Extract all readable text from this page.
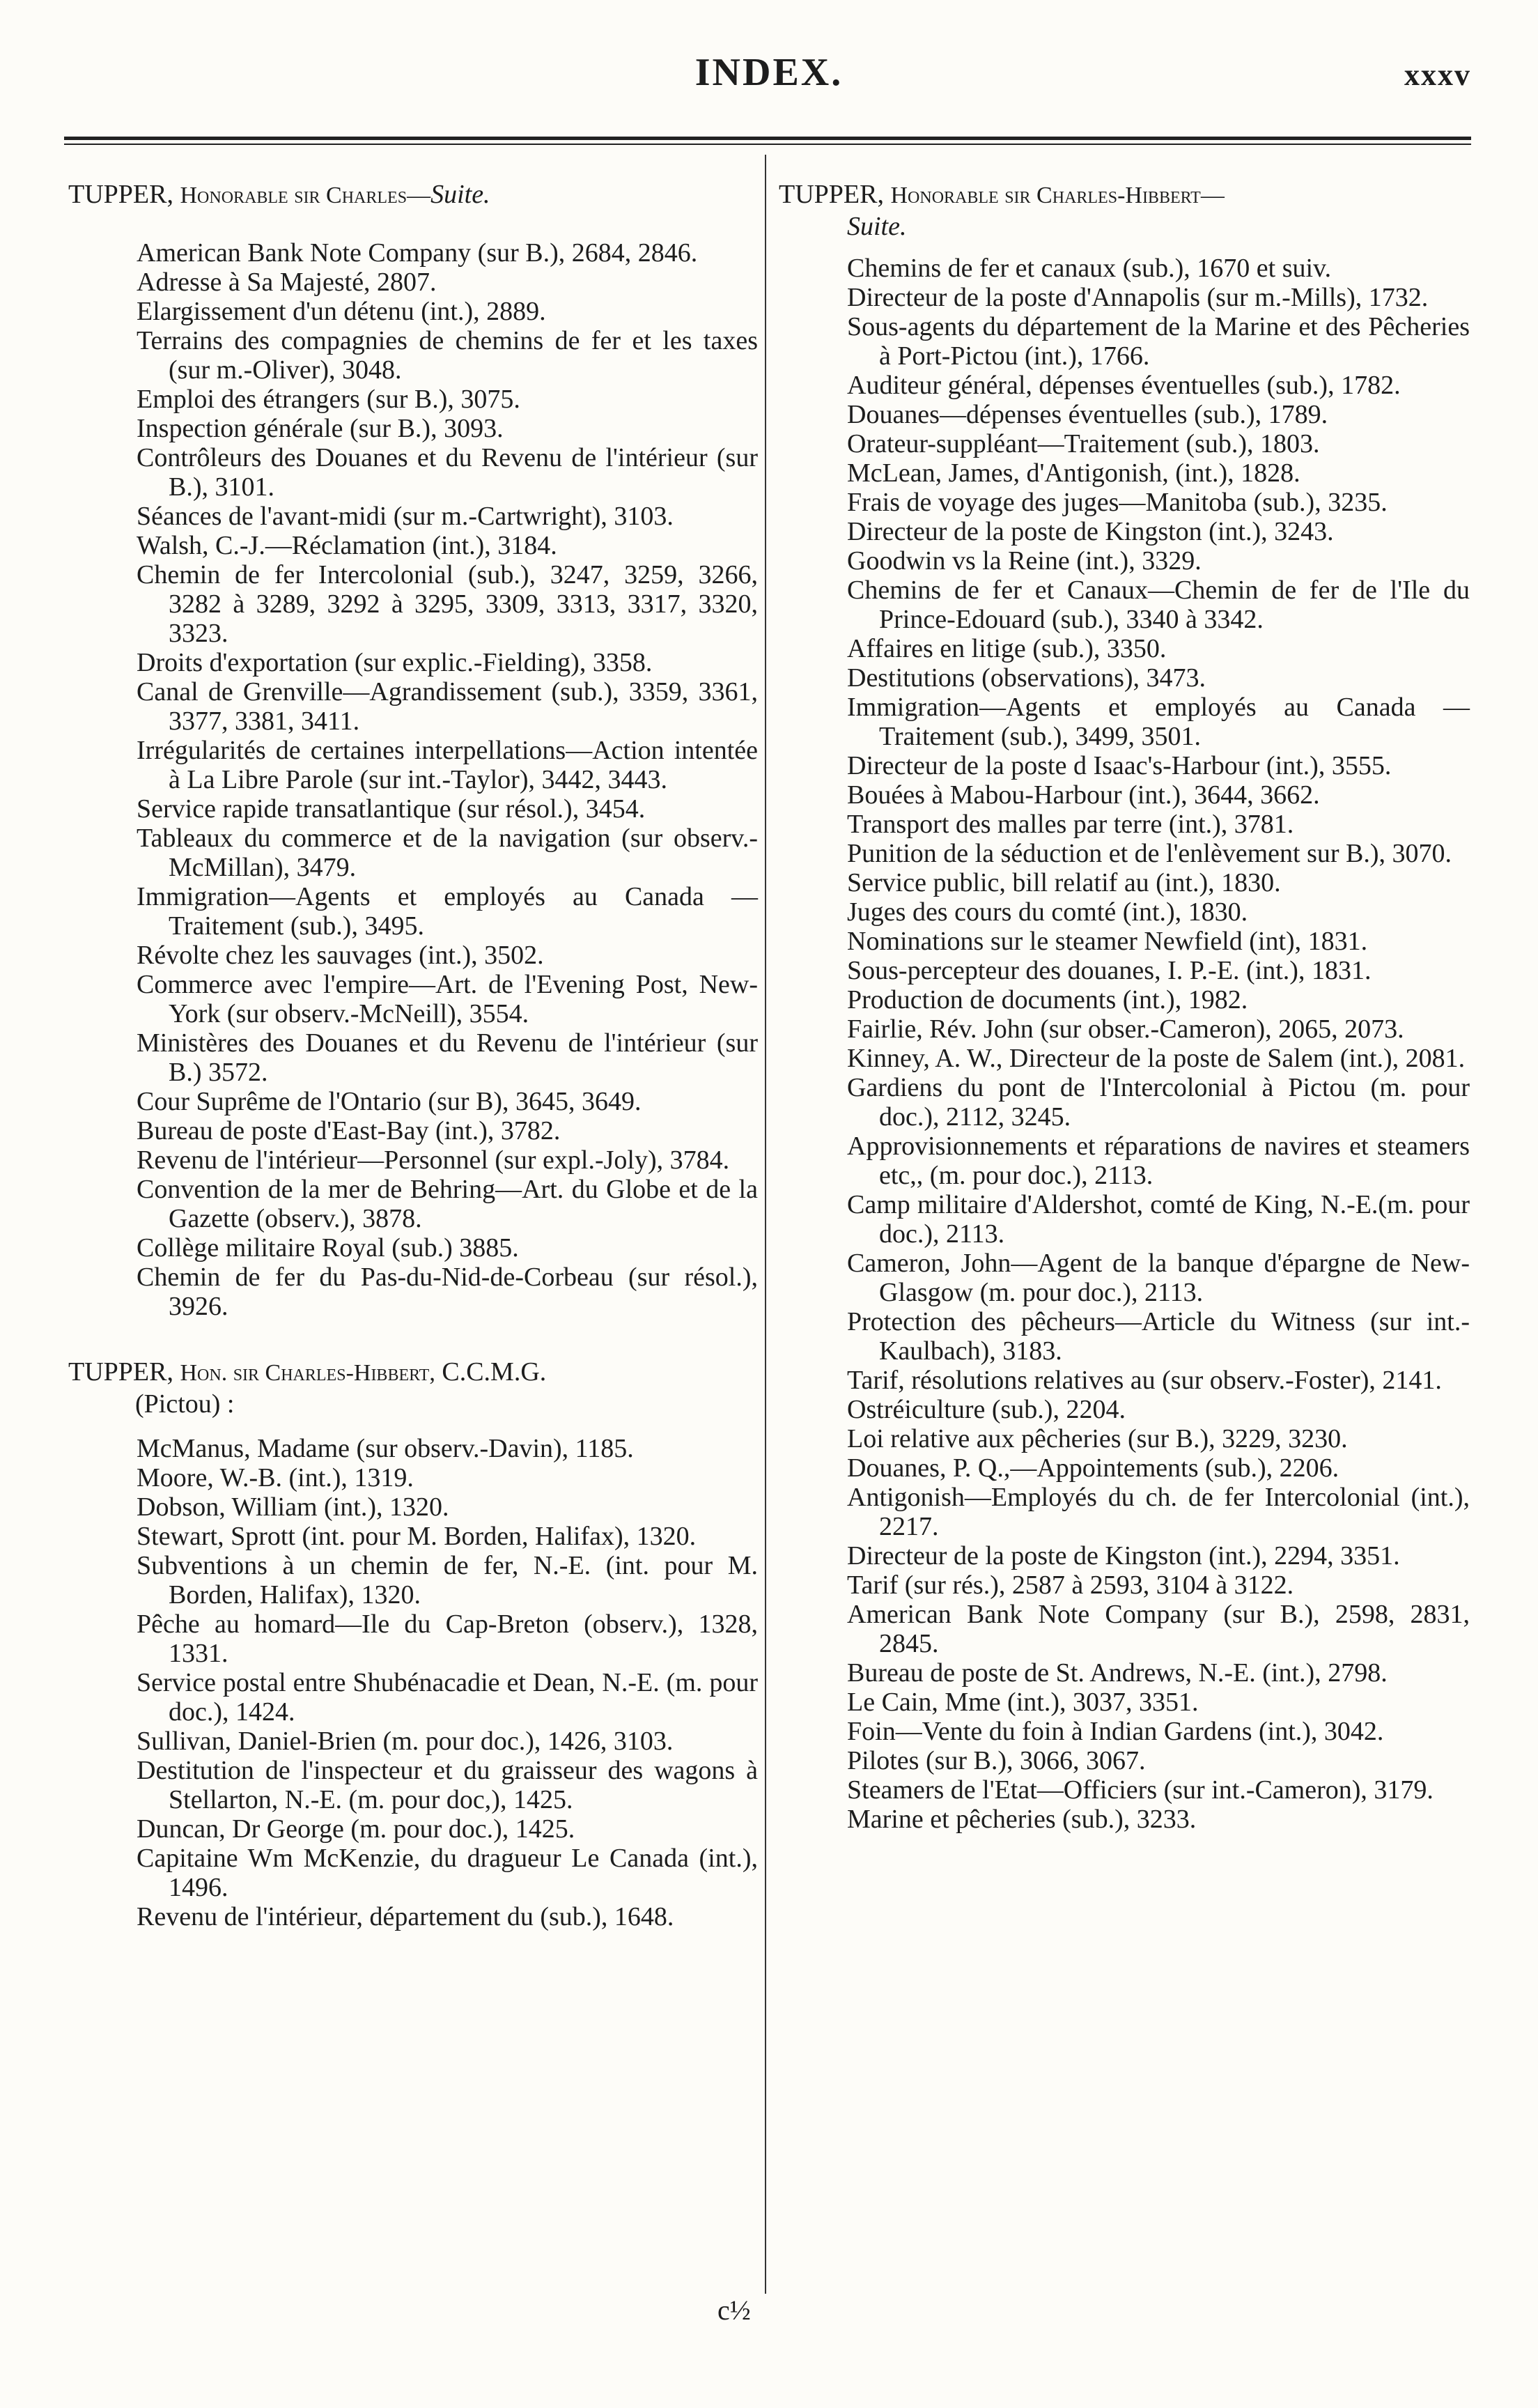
INDEX.	xxxv
TUPPER, Honorable sir Charles—Suite.
American Bank Note Company (sur B.), 2684, 2846.
Adresse à Sa Majesté, 2807.
Elargissement d'un détenu (int.), 2889.
Terrains des compagnies de chemins de fer et les taxes (sur m.-Oliver), 3048.
Emploi des étrangers (sur B.), 3075.
Inspection générale (sur B.), 3093.
Contrôleurs des Douanes et du Revenu de l'intérieur (sur B.), 3101.
Séances de l'avant-midi (sur m.-Cartwright), 3103.
Walsh, C.-J.—Réclamation (int.), 3184.
Chemin de fer Intercolonial (sub.), 3247, 3259, 3266, 3282 à 3289, 3292 à 3295, 3309, 3313, 3317, 3320, 3323.
Droits d'exportation (sur explic.-Fielding), 3358.
Canal de Grenville—Agrandissement (sub.), 3359, 3361, 3377, 3381, 3411.
Irrégularités de certaines interpellations—Action intentée à La Libre Parole (sur int.-Taylor), 3442, 3443.
Service rapide transatlantique (sur résol.), 3454.
Tableaux du commerce et de la navigation (sur observ.-McMillan), 3479.
Immigration—Agents et employés au Canada —Traitement (sub.), 3495.
Révolte chez les sauvages (int.), 3502.
Commerce avec l'empire—Art. de l'Evening Post, New-York (sur observ.-McNeill), 3554.
Ministères des Douanes et du Revenu de l'intérieur (sur B.) 3572.
Cour Suprême de l'Ontario (sur B), 3645, 3649.
Bureau de poste d'East-Bay (int.), 3782.
Revenu de l'intérieur—Personnel (sur expl.-Joly), 3784.
Convention de la mer de Behring—Art. du Globe et de la Gazette (observ.), 3878.
Collège militaire Royal (sub.) 3885.
Chemin de fer du Pas-du-Nid-de-Corbeau (sur résol.), 3926.
TUPPER, Hon. sir Charles-Hibbert, C.C.M.G.
(Pictou) :
McManus, Madame (sur observ.-Davin), 1185.
Moore, W.-B. (int.), 1319.
Dobson, William (int.), 1320.
Stewart, Sprott (int. pour M. Borden, Halifax), 1320.
Subventions à un chemin de fer, N.-E. (int. pour M. Borden, Halifax), 1320.
Pêche au homard—Ile du Cap-Breton (observ.), 1328, 1331.
Service postal entre Shubénacadie et Dean, N.-E. (m. pour doc.), 1424.
Sullivan, Daniel-Brien (m. pour doc.), 1426, 3103.
Destitution de l'inspecteur et du graisseur des wagons à Stellarton, N.-E. (m. pour doc,), 1425.
Duncan, Dr George (m. pour doc.), 1425.
Capitaine Wm McKenzie, du dragueur Le Canada (int.), 1496.
Revenu de l'intérieur, département du (sub.), 1648.
TUPPER, Honorable sir Charles-Hibbert—
Suite.
Chemins de fer et canaux (sub.), 1670 et suiv.
Directeur de la poste d'Annapolis (sur m.-Mills), 1732.
Sous-agents du département de la Marine et des Pêcheries à Port-Pictou (int.), 1766.
Auditeur général, dépenses éventuelles (sub.), 1782.
Douanes—dépenses éventuelles (sub.), 1789.
Orateur-suppléant—Traitement (sub.), 1803.
McLean, James, d'Antigonish, (int.), 1828.
Frais de voyage des juges—Manitoba (sub.), 3235.
Directeur de la poste de Kingston (int.), 3243.
Goodwin vs la Reine (int.), 3329.
Chemins de fer et Canaux—Chemin de fer de l'Ile du Prince-Edouard (sub.), 3340 à 3342.
Affaires en litige (sub.), 3350.
Destitutions (observations), 3473.
Immigration—Agents et employés au Canada —Traitement (sub.), 3499, 3501.
Directeur de la poste d Isaac's-Harbour (int.), 3555.
Bouées à Mabou-Harbour (int.), 3644, 3662.
Transport des malles par terre (int.), 3781.
Punition de la séduction et de l'enlèvement sur B.), 3070.
Service public, bill relatif au (int.), 1830.
Juges des cours du comté (int.), 1830.
Nominations sur le steamer Newfield (int), 1831.
Sous-percepteur des douanes, I. P.-E. (int.), 1831.
Production de documents (int.), 1982.
Fairlie, Rév. John (sur obser.-Cameron), 2065, 2073.
Kinney, A. W., Directeur de la poste de Salem (int.), 2081.
Gardiens du pont de l'Intercolonial à Pictou (m. pour doc.), 2112, 3245.
Approvisionnements et réparations de navires et steamers etc,, (m. pour doc.), 2113.
Camp militaire d'Aldershot, comté de King, N.-E.(m. pour doc.), 2113.
Cameron, John—Agent de la banque d'épargne de New-Glasgow (m. pour doc.), 2113.
Protection des pêcheurs—Article du Witness (sur int.-Kaulbach), 3183.
Tarif, résolutions relatives au (sur observ.-Foster), 2141.
Ostréiculture (sub.), 2204.
Loi relative aux pêcheries (sur B.), 3229, 3230.
Douanes, P. Q.,—Appointements (sub.), 2206.
Antigonish—Employés du ch. de fer Intercolonial (int.), 2217.
Directeur de la poste de Kingston (int.), 2294, 3351.
Tarif (sur rés.), 2587 à 2593, 3104 à 3122.
American Bank Note Company (sur B.), 2598, 2831, 2845.
Bureau de poste de St. Andrews, N.-E. (int.), 2798.
Le Cain, Mme (int.), 3037, 3351.
Foin—Vente du foin à Indian Gardens (int.), 3042.
Pilotes (sur B.), 3066, 3067.
Steamers de l'Etat—Officiers (sur int.-Cameron), 3179.
Marine et pêcheries (sub.), 3233.
c½
